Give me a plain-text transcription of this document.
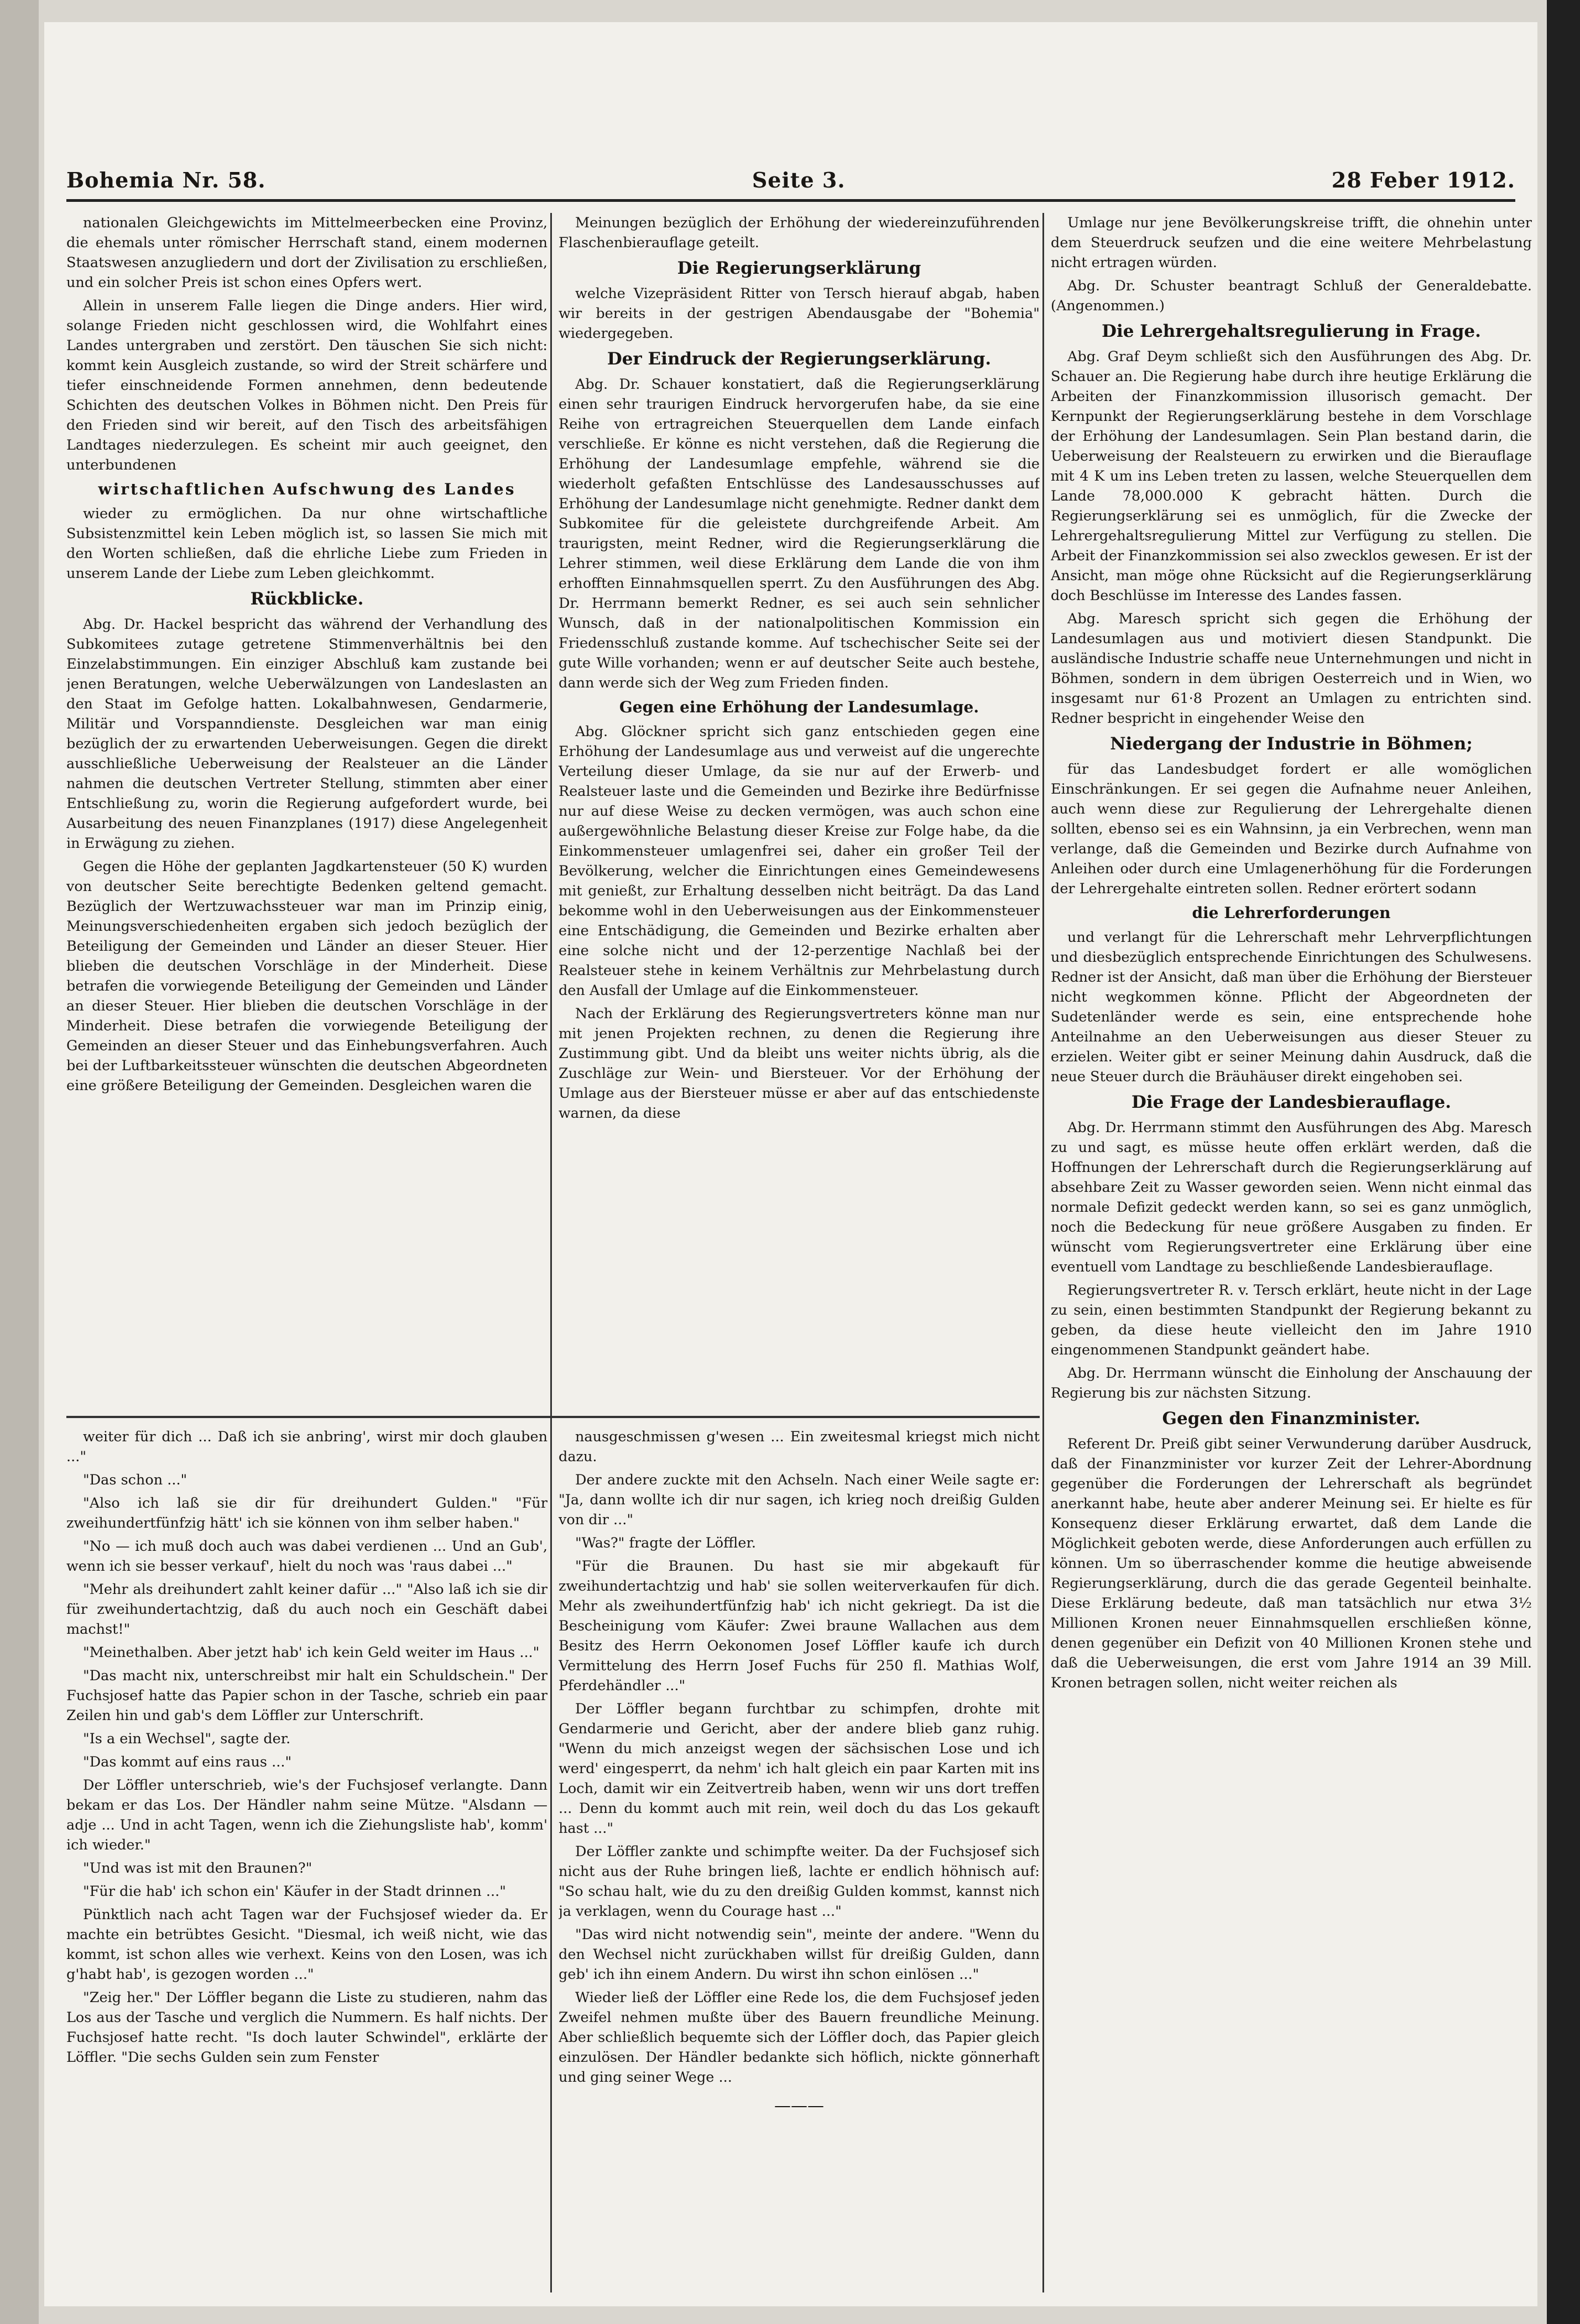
Bohemia Nr. 58.	Seite 3.	28 Feber 1912.

nationalen Gleichgewichts im Mittelmeerbecken eine Provinz, die ehemals unter römischer Herrschaft stand, einem modernen Staatswesen anzugliedern und dort der Zivilisation zu erschließen, und ein solcher Preis ist schon eines Opfers wert.

Allein in unserem Falle liegen die Dinge anders. Hier wird, solange Frieden nicht geschlossen wird, die Wohlfahrt eines Landes untergraben und zerstört. Den täuschen Sie sich nicht: kommt kein Ausgleich zustande, so wird der Streit schärfere und tiefer einschneidende Formen annehmen, denn bedeutende Schichten des deutschen Volkes in Böhmen nicht. Den Preis für den Frieden sind wir bereit, auf den Tisch des arbeitsfähigen Landtages niederzulegen. Es scheint mir auch geeignet, den unterbundenen

wirtschaftlichen Aufschwung des Landes

wieder zu ermöglichen. Da nur ohne wirtschaftliche Subsistenzmittel kein Leben möglich ist, so lassen Sie mich mit den Worten schließen, daß die ehrliche Liebe zum Frieden in unserem Lande der Liebe zum Leben gleichkommt.

Rückblicke.

Abg. Dr. Hackel bespricht das während der Verhandlung des Subkomitees zutage getretene Stimmenverhältnis bei den Einzelabstimmungen. Ein einziger Abschluß kam zustande bei jenen Beratungen, welche Ueberwälzungen von Landeslasten an den Staat im Gefolge hatten. Lokalbahnwesen, Gendarmerie, Militär und Vorspanndienste. Desgleichen war man einig bezüglich der zu erwartenden Ueberweisungen. Gegen die direkt ausschließliche Ueberweisung der Realsteuer an die Länder nahmen die deutschen Vertreter Stellung, stimmten aber einer Entschließung zu, worin die Regierung aufgefordert wurde, bei Ausarbeitung des neuen Finanzplanes (1917) diese Angelegenheit in Erwägung zu ziehen.

Gegen die Höhe der geplanten Jagdkartensteuer (50 K) wurden von deutscher Seite berechtigte Bedenken geltend gemacht. Bezüglich der Wertzuwachssteuer war man im Prinzip einig, Meinungsverschiedenheiten ergaben sich jedoch bezüglich der Beteiligung der Gemeinden und Länder an dieser Steuer. Hier blieben die deutschen Vorschläge in der Minderheit. Diese betrafen die vorwiegende Beteiligung der Gemeinden und Länder an dieser Steuer. Hier blieben die deutschen Vorschläge in der Minderheit. Diese betrafen die vorwiegende Beteiligung der Gemeinden an dieser Steuer und das Einhebungsverfahren. Auch bei der Luftbarkeitssteuer wünschten die deutschen Abgeordneten eine größere Beteiligung der Gemeinden. Desgleichen waren die

Meinungen bezüglich der Erhöhung der wiedereinzuführenden Flaschenbierauflage geteilt.

Die Regierungserklärung

welche Vizepräsident Ritter von Tersch hierauf abgab, haben wir bereits in der gestrigen Abendausgabe der "Bohemia" wiedergegeben.

Der Eindruck der Regierungserklärung.

Abg. Dr. Schauer konstatiert, daß die Regierungserklärung einen sehr traurigen Eindruck hervorgerufen habe, da sie eine Reihe von ertragreichen Steuerquellen dem Lande einfach verschließe. Er könne es nicht verstehen, daß die Regierung die Erhöhung der Landesumlage empfehle, während sie die wiederholt gefaßten Entschlüsse des Landesausschusses auf Erhöhung der Landesumlage nicht genehmigte. Redner dankt dem Subkomitee für die geleistete durchgreifende Arbeit. Am traurigsten, meint Redner, wird die Regierungserklärung die Lehrer stimmen, weil diese Erklärung dem Lande die von ihm erhofften Einnahmsquellen sperrt. Zu den Ausführungen des Abg. Dr. Herrmann bemerkt Redner, es sei auch sein sehnlicher Wunsch, daß in der nationalpolitischen Kommission ein Friedensschluß zustande komme. Auf tschechischer Seite sei der gute Wille vorhanden; wenn er auf deutscher Seite auch bestehe, dann werde sich der Weg zum Frieden finden.

Gegen eine Erhöhung der Landesumlage.

Abg. Glöckner spricht sich ganz entschieden gegen eine Erhöhung der Landesumlage aus und verweist auf die ungerechte Verteilung dieser Umlage, da sie nur auf der Erwerb- und Realsteuer laste und die Gemeinden und Bezirke ihre Bedürfnisse nur auf diese Weise zu decken vermögen, was auch schon eine außergewöhnliche Belastung dieser Kreise zur Folge habe, da die Einkommensteuer umlagenfrei sei, daher ein großer Teil der Bevölkerung, welcher die Einrichtungen eines Gemeindewesens mit genießt, zur Erhaltung desselben nicht beiträgt. Da das Land bekomme wohl in den Ueberweisungen aus der Einkommensteuer eine Entschädigung, die Gemeinden und Bezirke erhalten aber eine solche nicht und der 12-perzentige Nachlaß bei der Realsteuer stehe in keinem Verhältnis zur Mehrbelastung durch den Ausfall der Umlage auf die Einkommensteuer.

Nach der Erklärung des Regierungsvertreters könne man nur mit jenen Projekten rechnen, zu denen die Regierung ihre Zustimmung gibt. Und da bleibt uns weiter nichts übrig, als die Zuschläge zur Wein- und Biersteuer. Vor der Erhöhung der Umlage aus der Biersteuer müsse er aber auf das entschiedenste warnen, da diese

Umlage nur jene Bevölkerungskreise trifft, die ohnehin unter dem Steuerdruck seufzen und die eine weitere Mehrbelastung nicht ertragen würden.

Abg. Dr. Schuster beantragt Schluß der Generaldebatte. (Angenommen.)

Die Lehrergehaltsregulierung in Frage.

Abg. Graf Deym schließt sich den Ausführungen des Abg. Dr. Schauer an. Die Regierung habe durch ihre heutige Erklärung die Arbeiten der Finanzkommission illusorisch gemacht. Der Kernpunkt der Regierungserklärung bestehe in dem Vorschlage der Erhöhung der Landesumlagen. Sein Plan bestand darin, die Ueberweisung der Realsteuern zu erwirken und die Bierauflage mit 4 K um ins Leben treten zu lassen, welche Steuerquellen dem Lande 78,000.000 K gebracht hätten. Durch die Regierungserklärung sei es unmöglich, für die Zwecke der Lehrergehaltsregulierung Mittel zur Verfügung zu stellen. Die Arbeit der Finanzkommission sei also zwecklos gewesen. Er ist der Ansicht, man möge ohne Rücksicht auf die Regierungserklärung doch Beschlüsse im Interesse des Landes fassen.

Abg. Maresch spricht sich gegen die Erhöhung der Landesumlagen aus und motiviert diesen Standpunkt. Die ausländische Industrie schaffe neue Unternehmungen und nicht in Böhmen, sondern in dem übrigen Oesterreich und in Wien, wo insgesamt nur 61·8 Prozent an Umlagen zu entrichten sind. Redner bespricht in eingehender Weise den

Niedergang der Industrie in Böhmen;

für das Landesbudget fordert er alle womöglichen Einschränkungen. Er sei gegen die Aufnahme neuer Anleihen, auch wenn diese zur Regulierung der Lehrergehalte dienen sollten, ebenso sei es ein Wahnsinn, ja ein Verbrechen, wenn man verlange, daß die Gemeinden und Bezirke durch Aufnahme von Anleihen oder durch eine Umlagenerhöhung für die Forderungen der Lehrergehalte eintreten sollen. Redner erörtert sodann

die Lehrerforderungen

und verlangt für die Lehrerschaft mehr Lehrverpflichtungen und diesbezüglich entsprechende Einrichtungen des Schulwesens. Redner ist der Ansicht, daß man über die Erhöhung der Biersteuer nicht wegkommen könne. Pflicht der Abgeordneten der Sudetenländer werde es sein, eine entsprechende hohe Anteilnahme an den Ueberweisungen aus dieser Steuer zu erzielen. Weiter gibt er seiner Meinung dahin Ausdruck, daß die neue Steuer durch die Bräuhäuser direkt eingehoben sei.

Die Frage der Landesbierauflage.

Abg. Dr. Herrmann stimmt den Ausführungen des Abg. Maresch zu und sagt, es müsse heute offen erklärt werden, daß die Hoffnungen der Lehrerschaft durch die Regierungserklärung auf absehbare Zeit zu Wasser geworden seien. Wenn nicht einmal das normale Defizit gedeckt werden kann, so sei es ganz unmöglich, noch die Bedeckung für neue größere Ausgaben zu finden. Er wünscht vom Regierungsvertreter eine Erklärung über eine eventuell vom Landtage zu beschließende Landesbierauflage.

Regierungsvertreter R. v. Tersch erklärt, heute nicht in der Lage zu sein, einen bestimmten Standpunkt der Regierung bekannt zu geben, da diese heute vielleicht den im Jahre 1910 eingenommenen Standpunkt geändert habe.

Abg. Dr. Herrmann wünscht die Einholung der Anschauung der Regierung bis zur nächsten Sitzung.

Gegen den Finanzminister.

Referent Dr. Preiß gibt seiner Verwunderung darüber Ausdruck, daß der Finanzminister vor kurzer Zeit der Lehrer-Abordnung gegenüber die Forderungen der Lehrerschaft als begründet anerkannt habe, heute aber anderer Meinung sei. Er hielte es für Konsequenz dieser Erklärung erwartet, daß dem Lande die Möglichkeit geboten werde, diese Anforderungen auch erfüllen zu können. Um so überraschender komme die heutige abweisende Regierungserklärung, durch die das gerade Gegenteil beinhalte. Diese Erklärung bedeute, daß man tatsächlich nur etwa 3½ Millionen Kronen neuer Einnahmsquellen erschließen könne, denen gegenüber ein Defizit von 40 Millionen Kronen stehe und daß die Ueberweisungen, die erst vom Jahre 1914 an 39 Mill. Kronen betragen sollen, nicht weiter reichen als

weiter für dich ... Daß ich sie anbring', wirst mir doch glauben ..."

"Das schon ..."

"Also ich laß sie dir für dreihundert Gulden." "Für zweihundertfünfzig hätt' ich sie können von ihm selber haben."

"No — ich muß doch auch was dabei verdienen ... Und an Gub', wenn ich sie besser verkauf', hielt du noch was 'raus dabei ..."

"Mehr als dreihundert zahlt keiner dafür ..." "Also laß ich sie dir für zweihundertachtzig, daß du auch noch ein Geschäft dabei machst!"

"Meinethalben. Aber jetzt hab' ich kein Geld weiter im Haus ..."

"Das macht nix, unterschreibst mir halt ein Schuldschein." Der Fuchsjosef hatte das Papier schon in der Tasche, schrieb ein paar Zeilen hin und gab's dem Löffler zur Unterschrift.

"Is a ein Wechsel", sagte der.

"Das kommt auf eins raus ..."

Der Löffler unterschrieb, wie's der Fuchsjosef verlangte. Dann bekam er das Los. Der Händler nahm seine Mütze. "Alsdann — adje ... Und in acht Tagen, wenn ich die Ziehungsliste hab', komm' ich wieder."

"Und was ist mit den Braunen?"

"Für die hab' ich schon ein' Käufer in der Stadt drinnen ..."

Pünktlich nach acht Tagen war der Fuchsjosef wieder da. Er machte ein betrübtes Gesicht. "Diesmal, ich weiß nicht, wie das kommt, ist schon alles wie verhext. Keins von den Losen, was ich g'habt hab', is gezogen worden ..."

"Zeig her." Der Löffler begann die Liste zu studieren, nahm das Los aus der Tasche und verglich die Nummern. Es half nichts. Der Fuchsjosef hatte recht. "Is doch lauter Schwindel", erklärte der Löffler. "Die sechs Gulden sein zum Fenster

nausgeschmissen g'wesen ... Ein zweitesmal kriegst mich nicht dazu.

Der andere zuckte mit den Achseln. Nach einer Weile sagte er: "Ja, dann wollte ich dir nur sagen, ich krieg noch dreißig Gulden von dir ..."

"Was?" fragte der Löffler.

"Für die Braunen. Du hast sie mir abgekauft für zweihundertachtzig und hab' sie sollen weiterverkaufen für dich. Mehr als zweihundertfünfzig hab' ich nicht gekriegt. Da ist die Bescheinigung vom Käufer: Zwei braune Wallachen aus dem Besitz des Herrn Oekonomen Josef Löffler kaufe ich durch Vermittelung des Herrn Josef Fuchs für 250 fl. Mathias Wolf, Pferdehändler ..."

Der Löffler begann furchtbar zu schimpfen, drohte mit Gendarmerie und Gericht, aber der andere blieb ganz ruhig. "Wenn du mich anzeigst wegen der sächsischen Lose und ich werd' eingesperrt, da nehm' ich halt gleich ein paar Karten mit ins Loch, damit wir ein Zeitvertreib haben, wenn wir uns dort treffen ... Denn du kommt auch mit rein, weil doch du das Los gekauft hast ..."

Der Löffler zankte und schimpfte weiter. Da der Fuchsjosef sich nicht aus der Ruhe bringen ließ, lachte er endlich höhnisch auf: "So schau halt, wie du zu den dreißig Gulden kommst, kannst nich ja verklagen, wenn du Courage hast ..."

"Das wird nicht notwendig sein", meinte der andere. "Wenn du den Wechsel nicht zurückhaben willst für dreißig Gulden, dann geb' ich ihn einem Andern. Du wirst ihn schon einlösen ..."

Wieder ließ der Löffler eine Rede los, die dem Fuchsjosef jeden Zweifel nehmen mußte über des Bauern freundliche Meinung. Aber schließlich bequemte sich der Löffler doch, das Papier gleich einzulösen. Der Händler bedankte sich höflich, nickte gönnerhaft und ging seiner Wege ...

———
